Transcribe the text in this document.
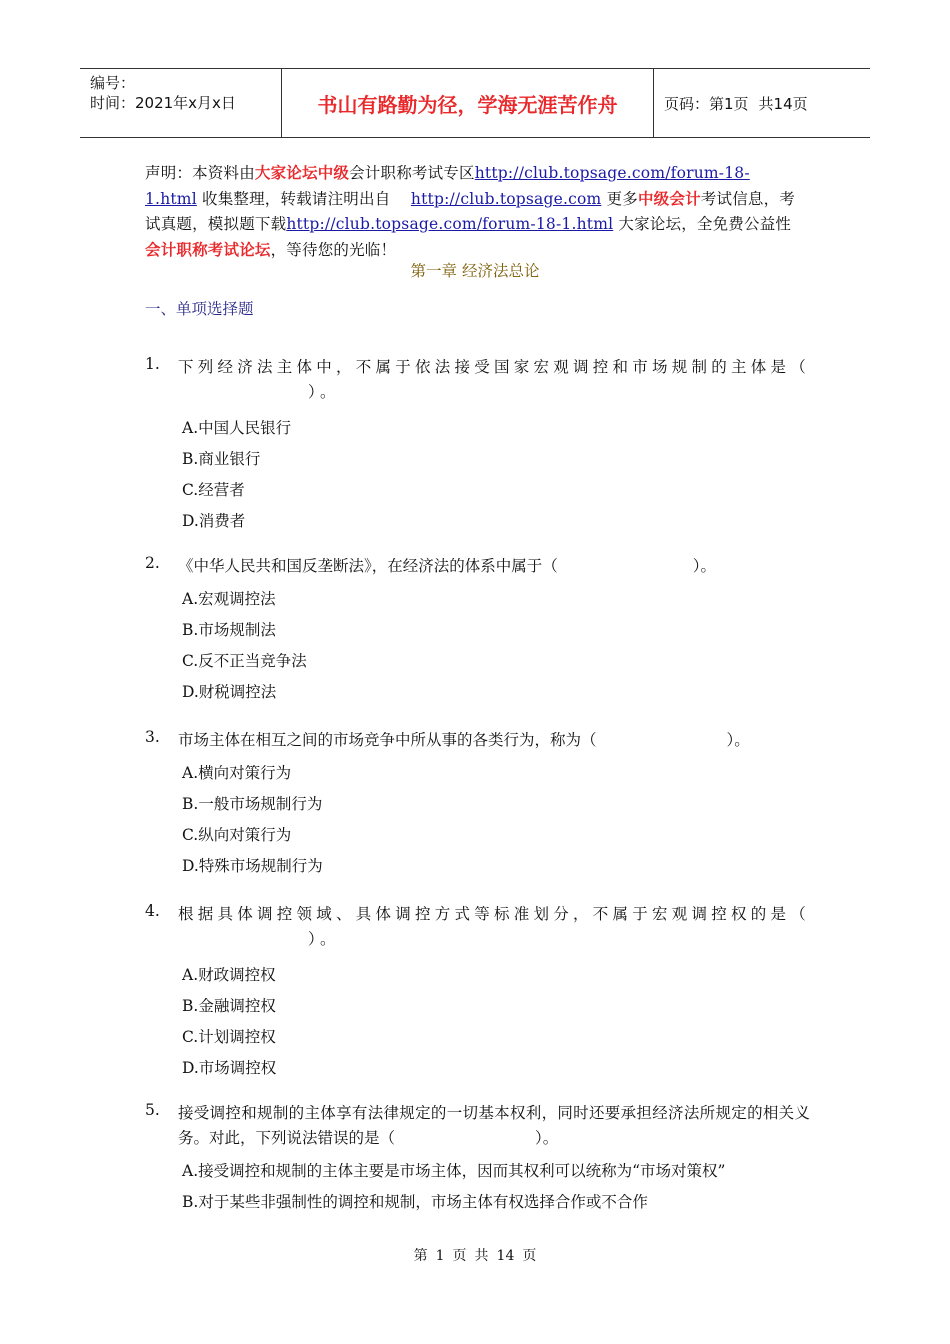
编号：
时间：2021年x月x日	书山有路勤为径，学海无涯苦作舟	页码：第1页 共14页
声明：本资料由大家论坛中级会计职称考试专区http://club.topsage.com/forum-18-1.html 收集整理，转载请注明出自 http://club.topsage.com 更多中级会计考试信息，考试真题，模拟题下载http://club.topsage.com/forum-18-1.html 大家论坛，全免费公益性会计职称考试论坛，等待您的光临！
第一章 经济法总论
一、单项选择题
1. 下列经济法主体中，不属于依法接受国家宏观调控和市场规制的主体是（）。
A.中国人民银行
B.商业银行
C.经营者
D.消费者
2. 《中华人民共和国反垄断法》，在经济法的体系中属于（	）。
A.宏观调控法
B.市场规制法
C.反不正当竞争法
D.财税调控法
3. 市场主体在相互之间的市场竞争中所从事的各类行为，称为（	）。
A.横向对策行为
B.一般市场规制行为
C.纵向对策行为
D.特殊市场规制行为
4. 根据具体调控领域、具体调控方式等标准划分，不属于宏观调控权的是（）。
A.财政调控权
B.金融调控权
C.计划调控权
D.市场调控权
5. 接受调控和规制的主体享有法律规定的一切基本权利，同时还要承担经济法所规定的相关义务。对此，下列说法错误的是（	）。
A.接受调控和规制的主体主要是市场主体，因而其权利可以统称为“市场对策权”
B.对于某些非强制性的调控和规制，市场主体有权选择合作或不合作
第 1 页 共 14 页
